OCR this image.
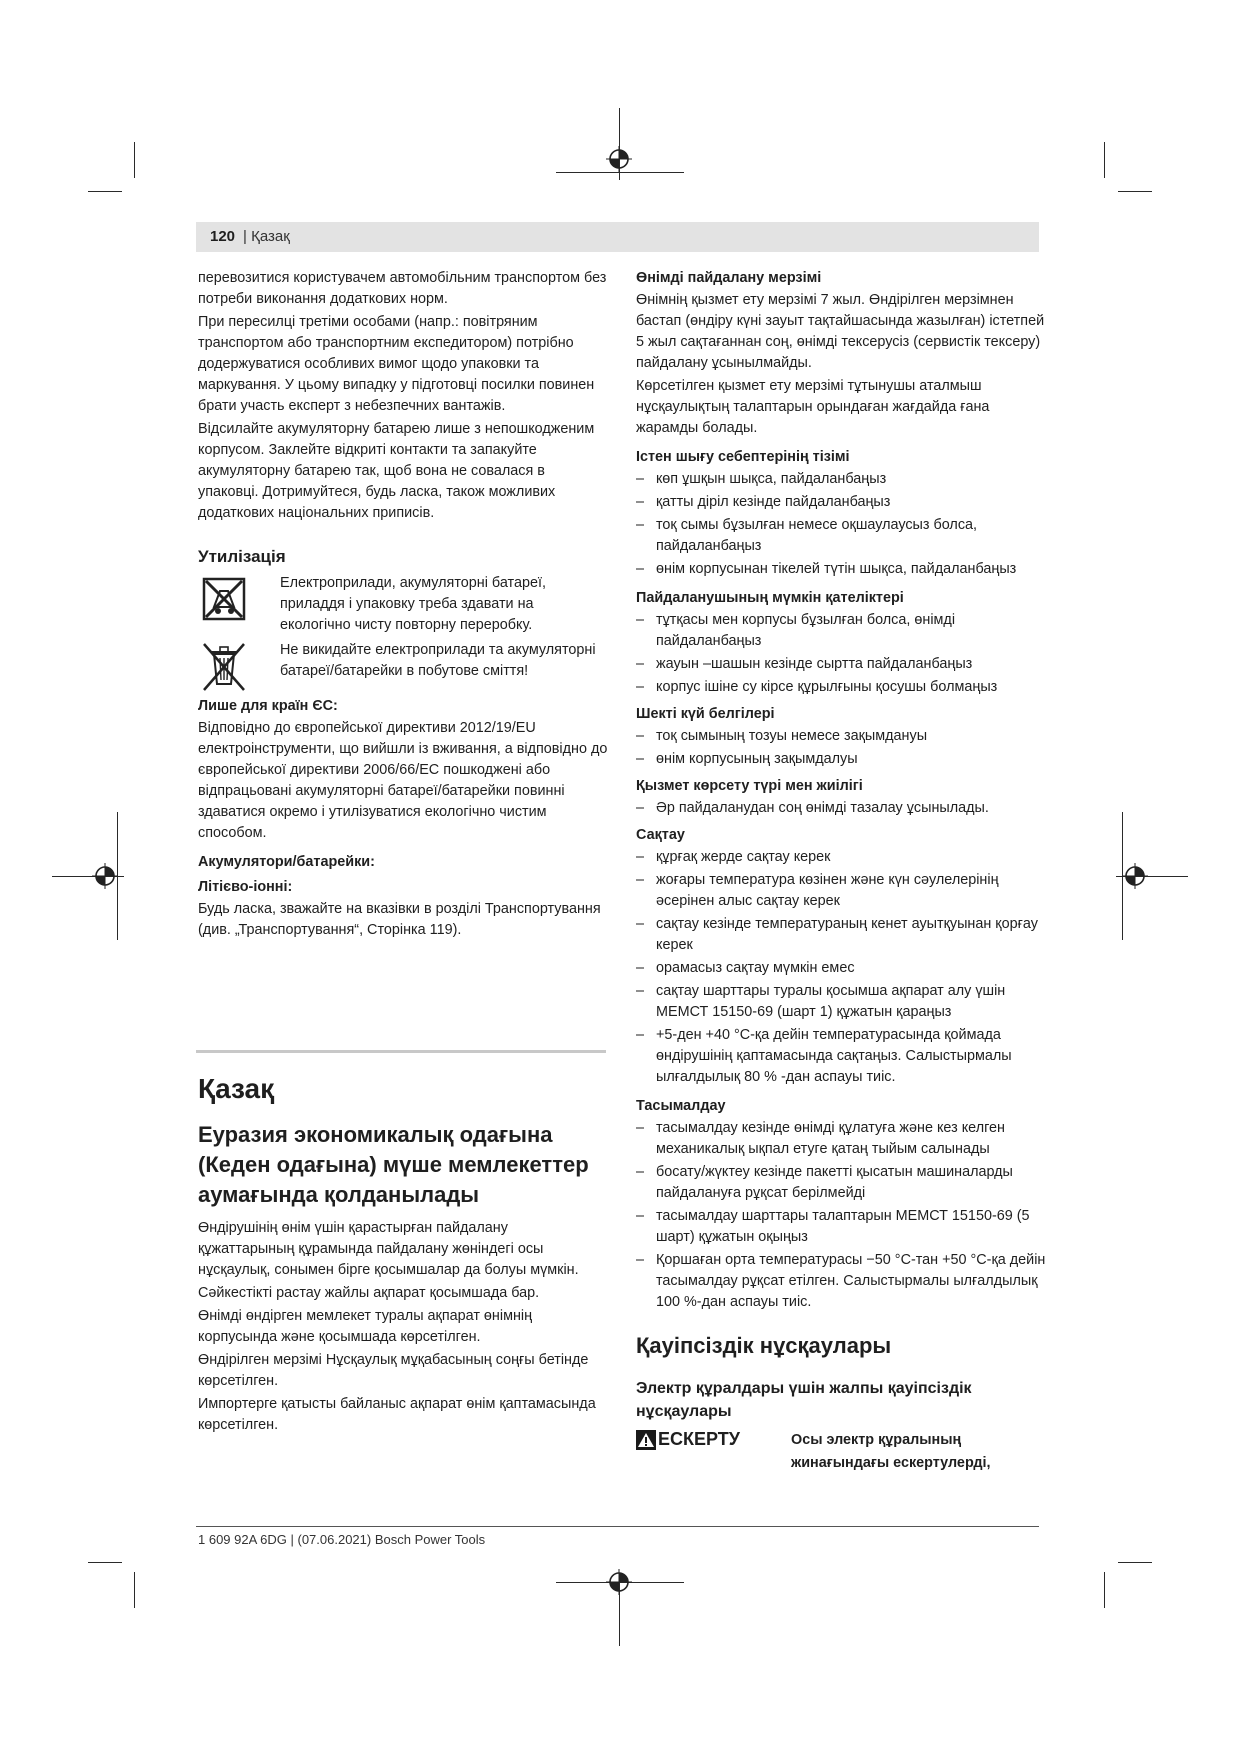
120 | Қазақ

перевозитися користувачем автомобільним транспортом без потреби виконання додаткових норм.

При пересилці третіми особами (напр.: повітряним транспортом або транспортним експедитором) потрібно додержуватися особливих вимог щодо упаковки та маркування. У цьому випадку у підготовці посилки повинен брати участь експерт з небезпечних вантажів.

Відсилайте акумуляторну батарею лише з непошкодженим корпусом. Заклейте відкриті контакти та запакуйте акумуляторну батарею так, щоб вона не совалася в упаковці. Дотримуйтеся, будь ласка, також можливих додаткових національних приписів.

Утилізація

Електроприлади, акумуляторні батареї, приладдя і упаковку треба здавати на екологічно чисту повторну переробку.

Не викидайте електроприлади та акумуляторні батареї/батарейки в побутове сміття!

Лише для країн ЄС:

Відповідно до європейської директиви 2012/19/EU електроінструменти, що вийшли із вживання, а відповідно до європейської директиви 2006/66/EC пошкоджені або відпрацьовані акумуляторні батареї/батарейки повинні здаватися окремо і утилізуватися екологічно чистим способом.

Акумулятори/батарейки:
Літієво-іонні:

Будь ласка, зважайте на вказівки в розділі Транспортування (див. „Транспортування“, Сторінка 119).

Қазақ
Еуразия экономикалық одағына (Кеден одағына) мүше мемлекеттер аумағында қолданылады

Өндірушінің өнім үшін қарастырған пайдалану құжаттарының құрамында пайдалану жөніндегі осы нұсқаулық, сонымен бірге қосымшалар да болуы мүмкін.

Сәйкестікті растау жайлы ақпарат қосымшада бар.

Өнімді өндірген мемлекет туралы ақпарат өнімнің корпусында және қосымшада көрсетілген.

Өндірілген мерзімі Нұсқаулық мұқабасының соңғы бетінде көрсетілген.

Импортерге қатысты байланыс ақпарат өнім қаптамасында көрсетілген.

Өнімді пайдалану мерзімі

Өнімнің қызмет ету мерзімі 7 жыл. Өндірілген мерзімнен бастап (өндіру күні зауыт тақтайшасында жазылған) істетпей 5 жыл сақтағаннан соң, өнімді тексерусіз (сервистік тексеру) пайдалану ұсынылмайды.

Көрсетілген қызмет ету мерзімі тұтынушы аталмыш нұсқаулықтың талаптарын орындаған жағдайда ғана жарамды болады.

Істен шығу себептерінің тізімі
– көп ұшқын шықса, пайдаланбаңыз
– қатты діріл кезінде пайдаланбаңыз
– тоқ сымы бұзылған немесе оқшаулаусыз болса, пайдаланбаңыз
– өнім корпусынан тікелей түтін шықса, пайдаланбаңыз
Пайдаланушының мүмкін қателіктері
– тұтқасы мен корпусы бұзылған болса, өнімді пайдаланбаңыз
– жауын –шашын кезінде сыртта пайдаланбаңыз
– корпус ішіне су кірсе құрылғыны қосушы болмаңыз
Шекті күй белгілері
– тоқ сымының тозуы немесе зақымдануы
– өнім корпусының зақымдалуы
Қызмет көрсету түрі мен жиілігі
– Әр пайдаланудан соң өнімді тазалау ұсынылады.
Сақтау
– құрғақ жерде сақтау керек
– жоғары температура көзінен және күн сәулелерінің әсерінен алыс сақтау керек
– сақтау кезінде температураның кенет ауытқуынан қорғау керек
– орамасыз сақтау мүмкін емес
– сақтау шарттары туралы қосымша ақпарат алу үшін МЕМСТ 15150-69 (шарт 1) құжатын қараңыз
– +5-ден +40 °C-қа дейін температурасында қоймада өндірушінің қаптамасында сақтаңыз. Салыстырмалы ылғалдылық 80 % -дан аспауы тиіс.
Тасымалдау
– тасымалдау кезінде өнімді құлатуға және кез келген механикалық ықпал етуге қатаң тыйым салынады
– босату/жүктеу кезінде пакетті қысатын машиналарды пайдалануға рұқсат берілмейді
– тасымалдау шарттары талаптарын МЕМСТ 15150-69 (5 шарт) құжатын оқыңыз
– Қоршаған орта температурасы −50 °C-тан +50 °C-қа дейін тасымалдау рұқсат етілген. Салыстырмалы ылғалдылық 100 %-дан аспауы тиіс.
Қауіпсіздік нұсқаулары
Электр құралдары үшін жалпы қауіпсіздік нұсқаулары
ЕСКЕРТУ	Осы электр құралының жинағындағы ескертулерді,
1 609 92A 6DG | (07.06.2021) Bosch Power Tools
